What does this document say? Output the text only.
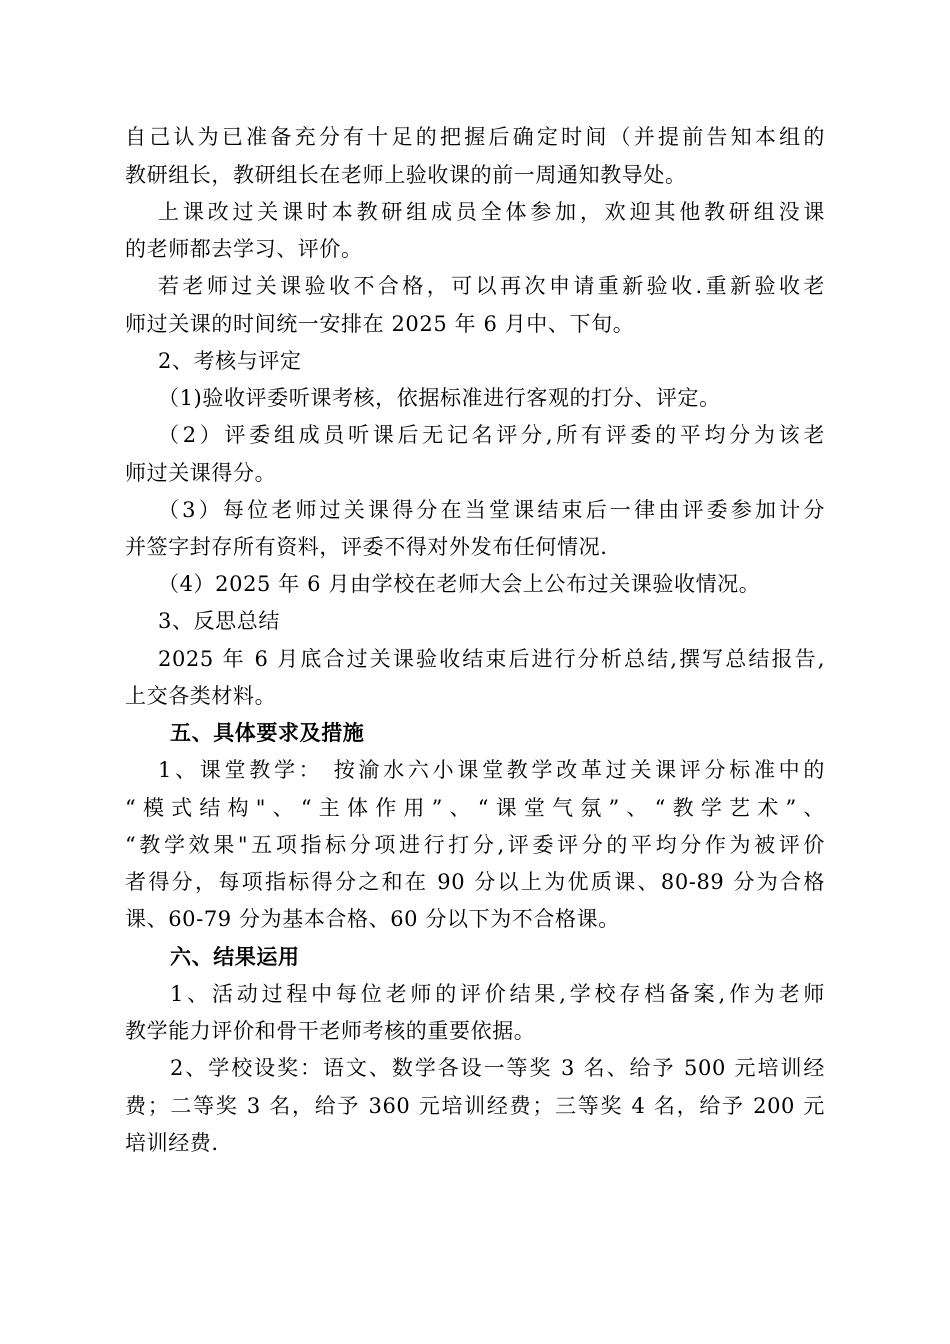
自己认为已准备充分有十足的把握后确定时间（并提前告知本组的
教研组长，教研组长在老师上验收课的前一周通知教导处。
上课改过关课时本教研组成员全体参加，欢迎其他教研组没课
的老师都去学习、评价。
若老师过关课验收不合格，可以再次申请重新验收.重新验收老
师过关课的时间统一安排在 2025 年 6 月中、下旬。
2、考核与评定
（1)验收评委听课考核，依据标准进行客观的打分、评定。
（2）评委组成员听课后无记名评分,所有评委的平均分为该老
师过关课得分。
（3）每位老师过关课得分在当堂课结束后一律由评委参加计分
并签字封存所有资料，评委不得对外发布任何情况.
（4）2025 年 6 月由学校在老师大会上公布过关课验收情况。
3、反思总结
2025 年 6 月底合过关课验收结束后进行分析总结,撰写总结报告,
上交各类材料。
五、具体要求及措施
1、课堂教学： 按渝水六小课堂教学改革过关课评分标准中的
“模式结构"、“主体作用”、“课堂气氛”、“教学艺术”、
“教学效果"五项指标分项进行打分,评委评分的平均分作为被评价
者得分，每项指标得分之和在 90 分以上为优质课、80-89 分为合格
课、60-79 分为基本合格、60 分以下为不合格课。
六、结果运用
1、活动过程中每位老师的评价结果,学校存档备案,作为老师
教学能力评价和骨干老师考核的重要依据。
2、学校设奖：语文、数学各设一等奖 3 名、给予 500 元培训经
费；二等奖 3 名，给予 360 元培训经费；三等奖 4 名，给予 200 元
培训经费.
